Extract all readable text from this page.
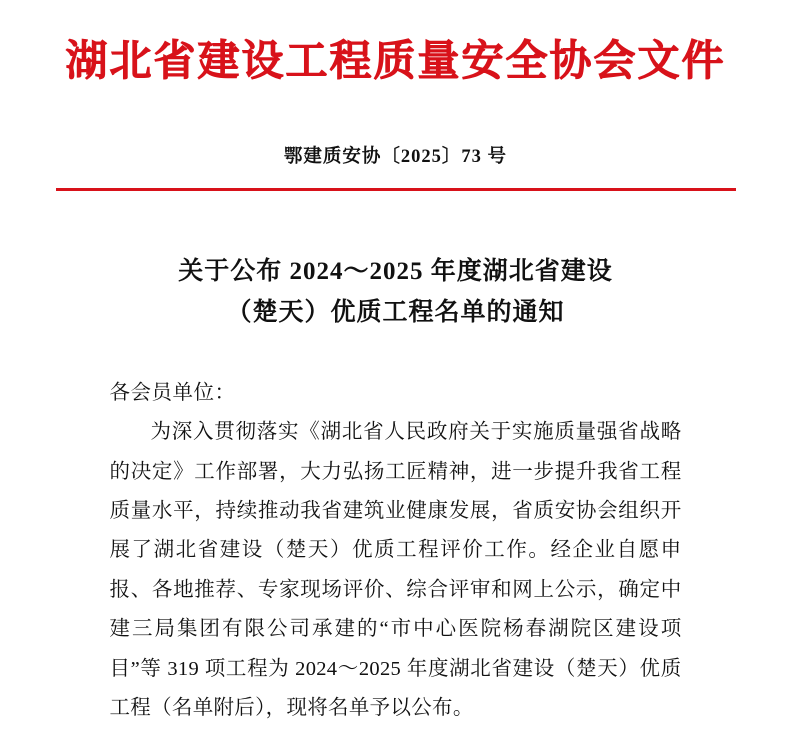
湖北省建设工程质量安全协会文件
鄂建质安协〔2025〕73 号
关于公布 2024～2025 年度湖北省建设
（楚天）优质工程名单的通知
各会员单位：
为深入贯彻落实《湖北省人民政府关于实施质量强省战略的决定》工作部署，大力弘扬工匠精神，进一步提升我省工程质量水平，持续推动我省建筑业健康发展，省质安协会组织开展了湖北省建设（楚天）优质工程评价工作。经企业自愿申报、各地推荐、专家现场评价、综合评审和网上公示，确定中建三局集团有限公司承建的“市中心医院杨春湖院区建设项目”等 319 项工程为 2024～2025 年度湖北省建设（楚天）优质工程（名单附后），现将名单予以公布。
